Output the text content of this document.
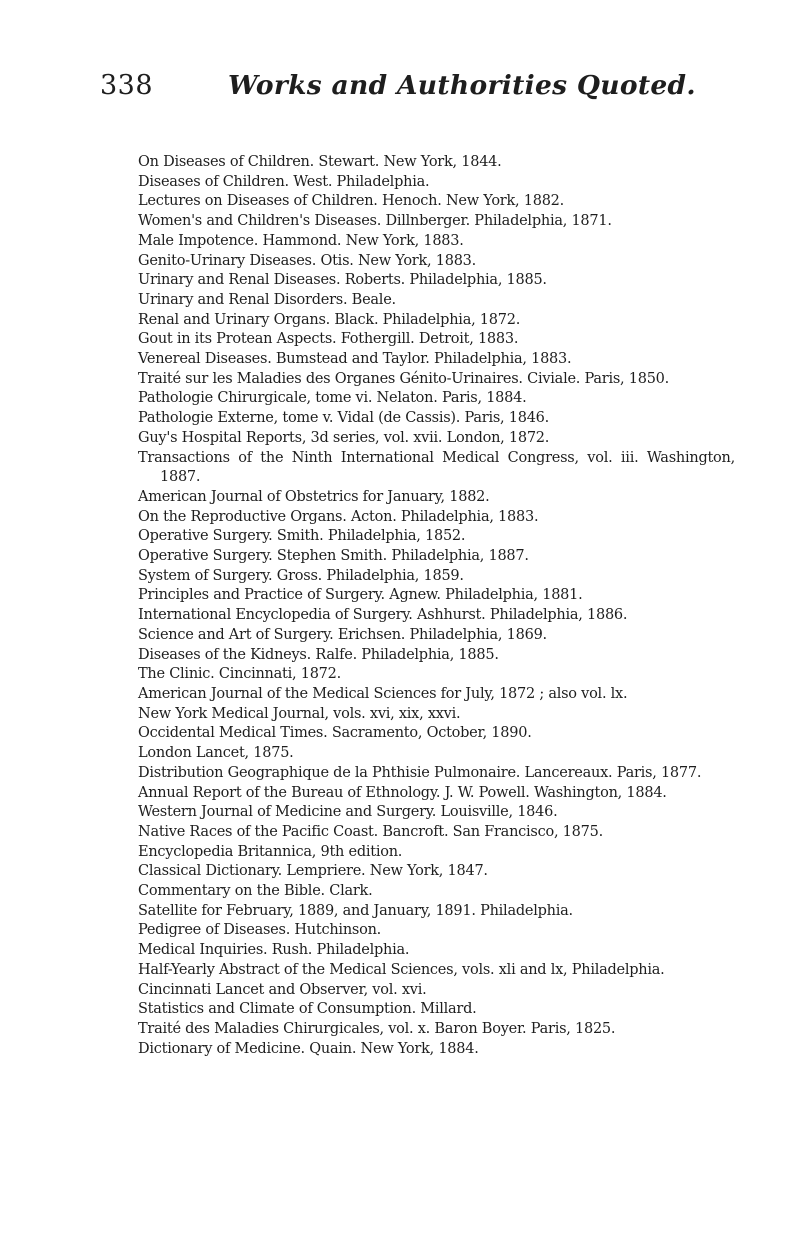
338	Works and Authorities Quoted.
On Diseases of Children. Stewart. New York, 1844.
Diseases of Children. West. Philadelphia.
Lectures on Diseases of Children. Henoch. New York, 1882.
Women's and Children's Diseases. Dillnberger. Philadelphia, 1871.
Male Impotence. Hammond. New York, 1883.
Genito-Urinary Diseases. Otis. New York, 1883.
Urinary and Renal Diseases. Roberts. Philadelphia, 1885.
Urinary and Renal Disorders. Beale.
Renal and Urinary Organs. Black. Philadelphia, 1872.
Gout in its Protean Aspects. Fothergill. Detroit, 1883.
Venereal Diseases. Bumstead and Taylor. Philadelphia, 1883.
Traité sur les Maladies des Organes Génito-Urinaires. Civiale. Paris, 1850.
Pathologie Chirurgicale, tome vi. Nelaton. Paris, 1884.
Pathologie Externe, tome v. Vidal (de Cassis). Paris, 1846.
Guy's Hospital Reports, 3d series, vol. xvii. London, 1872.
Transactions of the Ninth International Medical Congress, vol. iii. Washington, 1887.
American Journal of Obstetrics for January, 1882.
On the Reproductive Organs. Acton. Philadelphia, 1883.
Operative Surgery. Smith. Philadelphia, 1852.
Operative Surgery. Stephen Smith. Philadelphia, 1887.
System of Surgery. Gross. Philadelphia, 1859.
Principles and Practice of Surgery. Agnew. Philadelphia, 1881.
International Encyclopedia of Surgery. Ashhurst. Philadelphia, 1886.
Science and Art of Surgery. Erichsen. Philadelphia, 1869.
Diseases of the Kidneys. Ralfe. Philadelphia, 1885.
The Clinic. Cincinnati, 1872.
American Journal of the Medical Sciences for July, 1872 ; also vol. lx.
New York Medical Journal, vols. xvi, xix, xxvi.
Occidental Medical Times. Sacramento, October, 1890.
London Lancet, 1875.
Distribution Geographique de la Phthisie Pulmonaire. Lancereaux. Paris, 1877.
Annual Report of the Bureau of Ethnology. J. W. Powell. Washington, 1884.
Western Journal of Medicine and Surgery. Louisville, 1846.
Native Races of the Pacific Coast. Bancroft. San Francisco, 1875.
Encyclopedia Britannica, 9th edition.
Classical Dictionary. Lempriere. New York, 1847.
Commentary on the Bible. Clark.
Satellite for February, 1889, and January, 1891. Philadelphia.
Pedigree of Diseases. Hutchinson.
Medical Inquiries. Rush. Philadelphia.
Half-Yearly Abstract of the Medical Sciences, vols. xli and lx, Philadelphia.
Cincinnati Lancet and Observer, vol. xvi.
Statistics and Climate of Consumption. Millard.
Traité des Maladies Chirurgicales, vol. x. Baron Boyer. Paris, 1825.
Dictionary of Medicine. Quain. New York, 1884.
